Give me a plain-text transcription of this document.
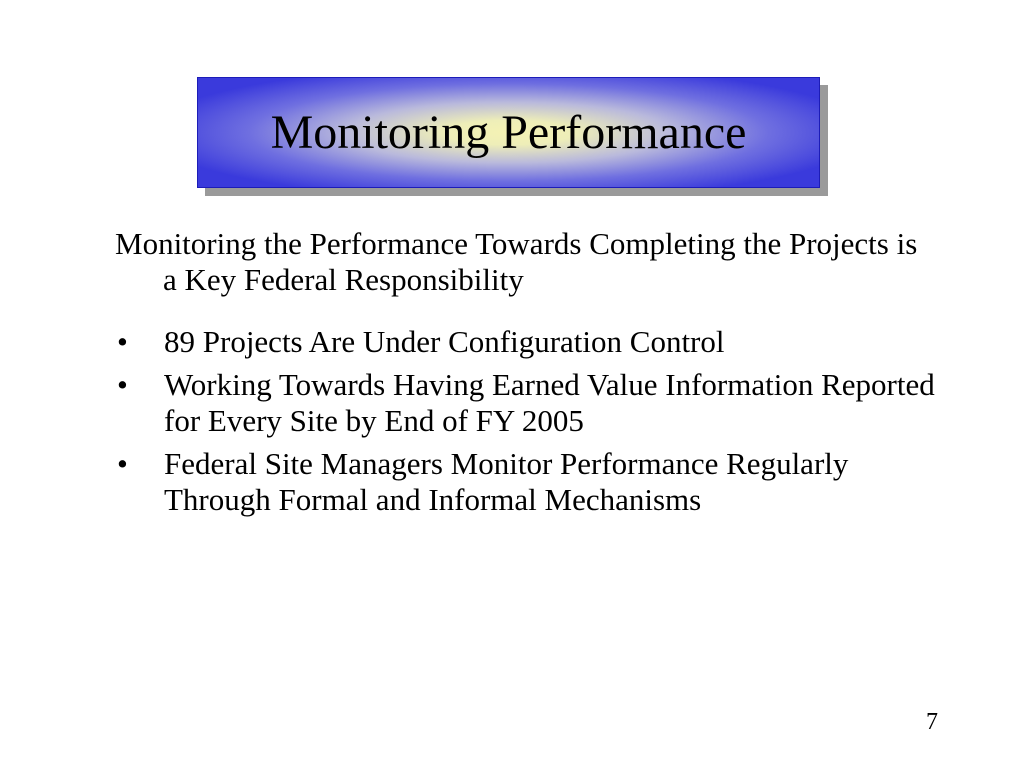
Monitoring Performance

Monitoring the Performance Towards Completing the Projects is a Key Federal Responsibility

• 89 Projects Are Under Configuration Control
• Working Towards Having Earned Value Information Reported for Every Site by End of FY 2005
• Federal Site Managers Monitor Performance Regularly Through Formal and Informal Mechanisms
7
